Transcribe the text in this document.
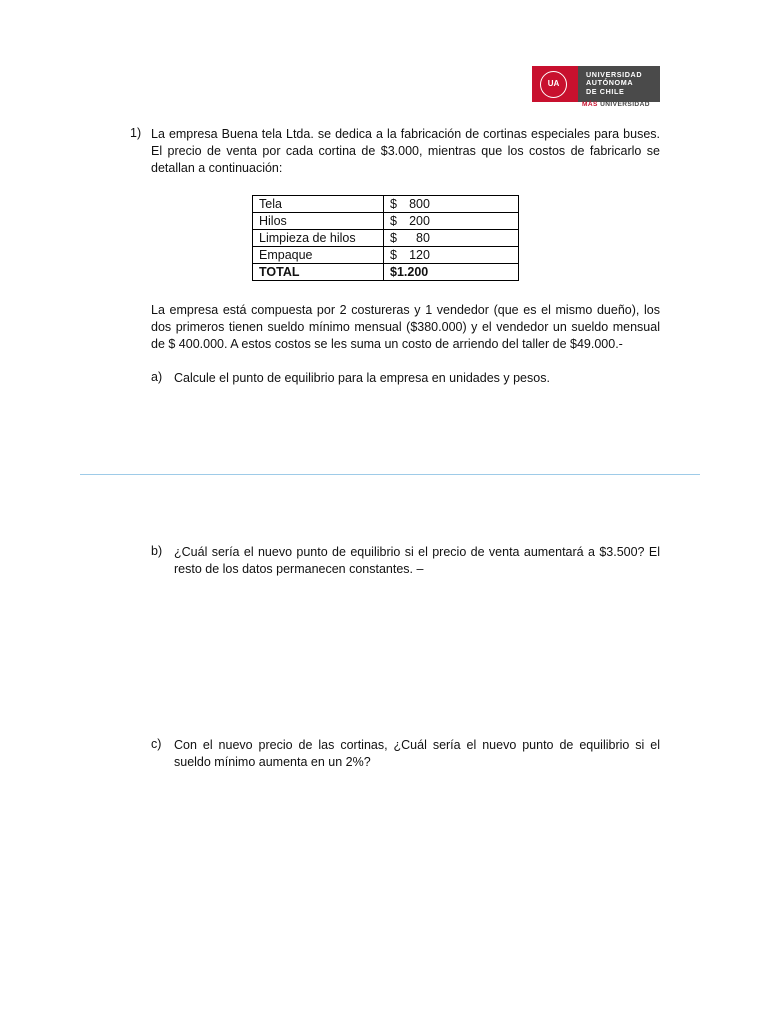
UA
UNIVERSIDAD
AUTÓNOMA
DE CHILE
MÁS UNIVERSIDAD
1) La empresa Buena tela Ltda. se dedica a la fabricación de cortinas especiales para buses. El precio de venta por cada cortina de $3.000, mientras que los costos de fabricarlo se detallan a continuación:
Tela	$ 800
Hilos	$ 200
Limpieza de hilos	$ 80
Empaque	$ 120
TOTAL	$1.200
La empresa está compuesta por 2 costureras y 1 vendedor (que es el mismo dueño), los dos primeros tienen sueldo mínimo mensual ($380.000) y el vendedor un sueldo mensual de $ 400.000. A estos costos se les suma un costo de arriendo del taller de $49.000.-
a) Calcule el punto de equilibrio para la empresa en unidades y pesos.
b) ¿Cuál sería el nuevo punto de equilibrio si el precio de venta aumentará a $3.500? El resto de los datos permanecen constantes. –
c) Con el nuevo precio de las cortinas, ¿Cuál sería el nuevo punto de equilibrio si el sueldo mínimo aumenta en un 2%?
